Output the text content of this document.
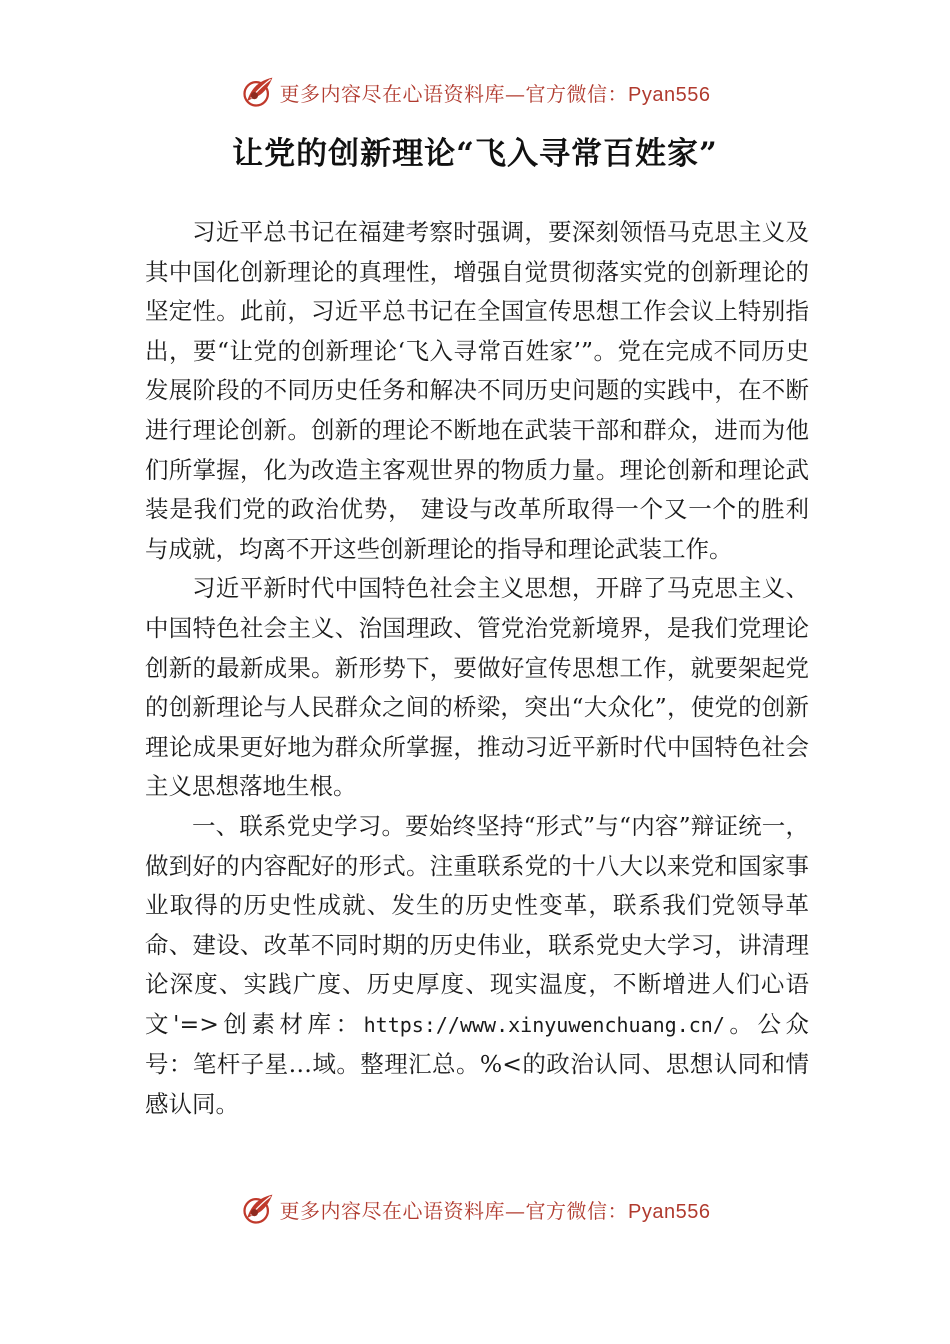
更多内容尽在心语资料库—官方微信：Pyan556
让党的创新理论“飞入寻常百姓家”

习近平总书记在福建考察时强调，要深刻领悟马克思主义及其中国化创新理论的真理性，增强自觉贯彻落实党的创新理论的坚定性。此前，习近平总书记在全国宣传思想工作会议上特别指出，要“让党的创新理论‘飞入寻常百姓家’”。党在完成不同历史发展阶段的不同历史任务和解决不同历史问题的实践中，在不断进行理论创新。创新的理论不断地在武装干部和群众，进而为他们所掌握，化为改造主客观世界的物质力量。理论创新和理论武装是我们党的政治优势， 建设与改革所取得一个又一个的胜利与成就，均离不开这些创新理论的指导和理论武装工作。

习近平新时代中国特色社会主义思想，开辟了马克思主义、中国特色社会主义、治国理政、管党治党新境界，是我们党理论创新的最新成果。新形势下，要做好宣传思想工作，就要架起党的创新理论与人民群众之间的桥梁，突出“大众化”，使党的创新理论成果更好地为群众所掌握，推动习近平新时代中国特色社会主义思想落地生根。

一、联系党史学习。要始终坚持“形式”与“内容”辩证统一，做到好的内容配好的形式。注重联系党的十八大以来党和国家事业取得的历史性成就、发生的历史性变革，联系我们党领导革命、建设、改革不同时期的历史伟业，联系党史大学习，讲清理论深度、实践广度、历史厚度、现实温度，不断增进人们心语文'=>创素材库：https://www.xinyuwenchuang.cn/。公众号：笔杆子星…域。整理汇总。%<的政治认同、思想认同和情感认同。

更多内容尽在心语资料库—官方微信：Pyan556
